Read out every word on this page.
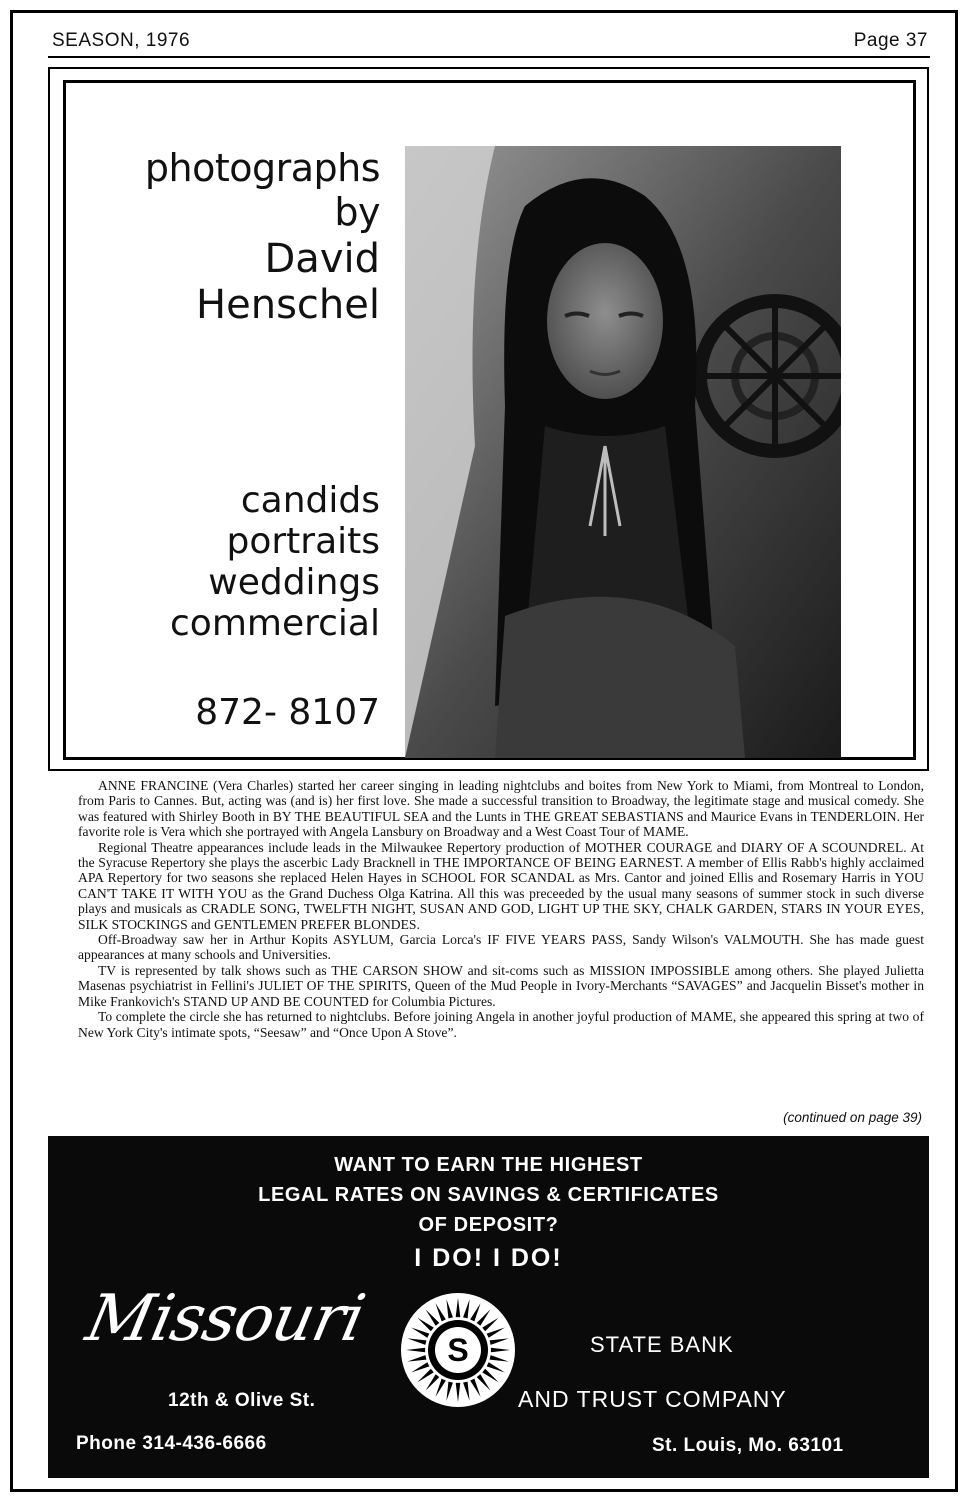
SEASON, 1976	Page 37
photographs by
David
Henschel
candids
portraits
weddings
commercial
872- 8107

ANNE FRANCINE (Vera Charles) started her career singing in leading nightclubs and boites from New York to Miami, from Montreal to London, from Paris to Cannes. But, acting was (and is) her first love. She made a successful transition to Broadway, the legitimate stage and musical comedy. She was featured with Shirley Booth in BY THE BEAUTIFUL SEA and the Lunts in THE GREAT SEBASTIANS and Maurice Evans in TENDERLOIN. Her favorite role is Vera which she portrayed with Angela Lansbury on Broadway and a West Coast Tour of MAME.

Regional Theatre appearances include leads in the Milwaukee Repertory production of MOTHER COURAGE and DIARY OF A SCOUNDREL. At the Syracuse Repertory she plays the ascerbic Lady Bracknell in THE IMPORTANCE OF BEING EARNEST. A member of Ellis Rabb's highly acclaimed APA Repertory for two seasons she replaced Helen Hayes in SCHOOL FOR SCANDAL as Mrs. Cantor and joined Ellis and Rosemary Harris in YOU CAN'T TAKE IT WITH YOU as the Grand Duchess Olga Katrina. All this was preceeded by the usual many seasons of summer stock in such diverse plays and musicals as CRADLE SONG, TWELFTH NIGHT, SUSAN AND GOD, LIGHT UP THE SKY, CHALK GARDEN, STARS IN YOUR EYES, SILK STOCKINGS and GENTLEMEN PREFER BLONDES.

Off-Broadway saw her in Arthur Kopits ASYLUM, Garcia Lorca's IF FIVE YEARS PASS, Sandy Wilson's VALMOUTH. She has made guest appearances at many schools and Universities.

TV is represented by talk shows such as THE CARSON SHOW and sit-coms such as MISSION IMPOSSIBLE among others. She played Julietta Masenas psychiatrist in Fellini's JULIET OF THE SPIRITS, Queen of the Mud People in Ivory-Merchants “SAVAGES” and Jacquelin Bisset's mother in Mike Frankovich's STAND UP AND BE COUNTED for Columbia Pictures.

To complete the circle she has returned to nightclubs. Before joining Angela in another joyful production of MAME, she appeared this spring at two of New York City's intimate spots, “Seesaw” and “Once Upon A Stove”.

(continued on page 39)
WANT TO EARN THE HIGHEST
LEGAL RATES ON SAVINGS & CERTIFICATES
OF DEPOSIT?
I DO! I DO!
Missouri S	STATE BANK
12th & Olive St.	AND TRUST COMPANY
Phone 314-436-6666	St. Louis, Mo. 63101
